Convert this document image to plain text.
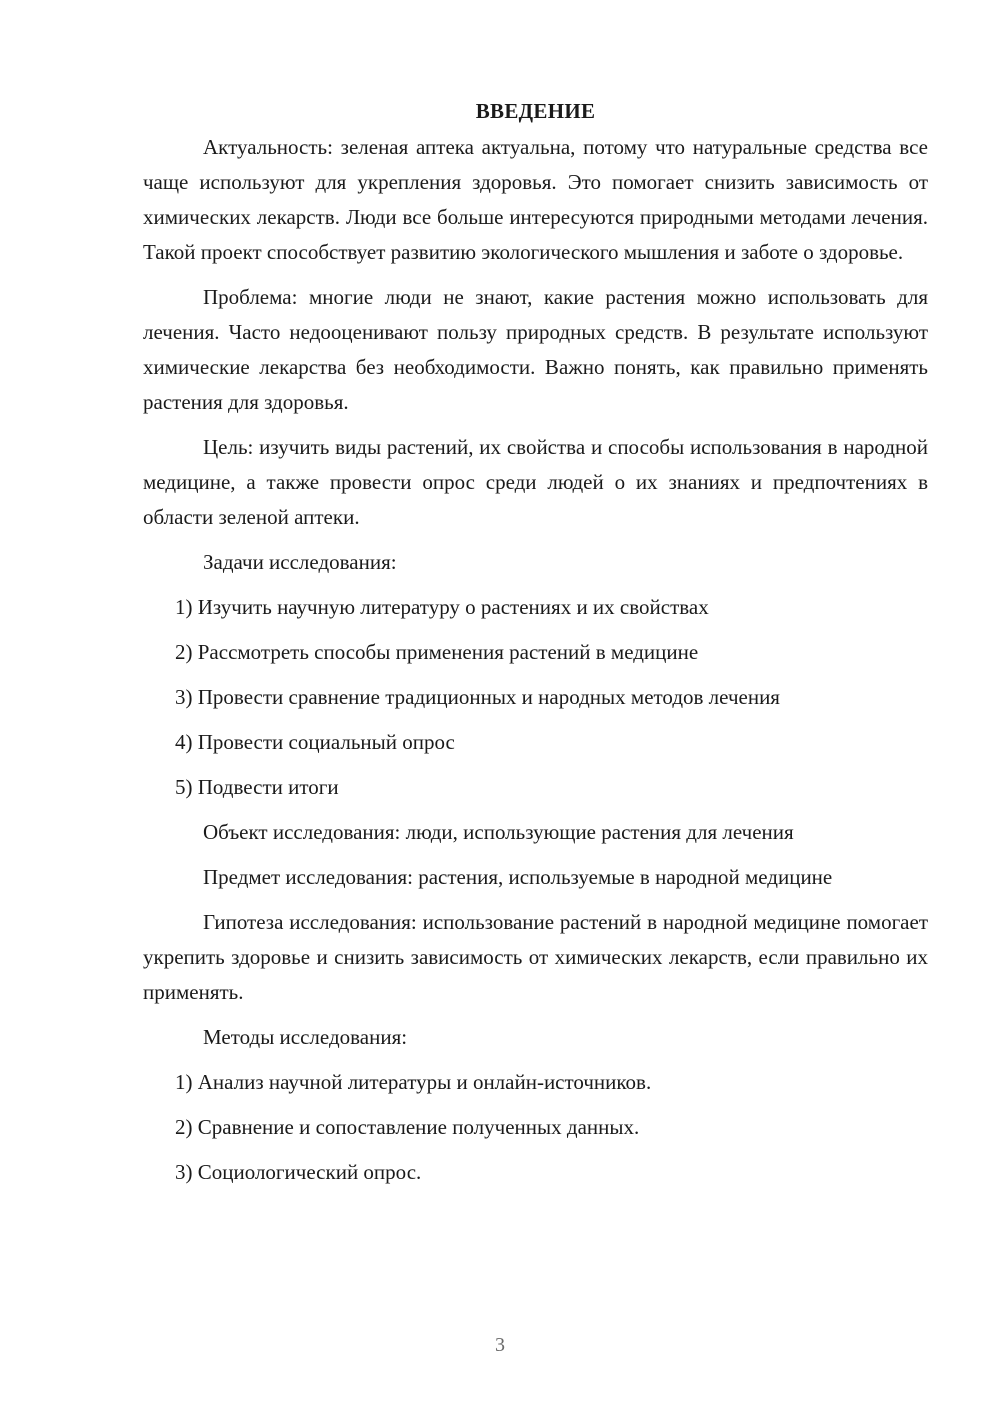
ВВЕДЕНИЕ

Актуальность: зеленая аптека актуальна, потому что натуральные средства все чаще используют для укрепления здоровья. Это помогает снизить зависимость от химических лекарств. Люди все больше интересуются природными методами лечения. Такой проект способствует развитию экологического мышления и заботе о здоровье.

Проблема: многие люди не знают, какие растения можно использовать для лечения. Часто недооценивают пользу природных средств. В результате используют химические лекарства без необходимости. Важно понять, как правильно применять растения для здоровья.

Цель: изучить виды растений, их свойства и способы использования в народной медицине, а также провести опрос среди людей о их знаниях и предпочтениях в области зеленой аптеки.

Задачи исследования:

1) Изучить научную литературу о растениях и их свойствах

2) Рассмотреть способы применения растений в медицине

3) Провести сравнение традиционных и народных методов лечения

4) Провести социальный опрос

5) Подвести итоги

Объект исследования: люди, использующие растения для лечения

Предмет исследования: растения, используемые в народной медицине

Гипотеза исследования: использование растений в народной медицине помогает укрепить здоровье и снизить зависимость от химических лекарств, если правильно их применять.

Методы исследования:

1) Анализ научной литературы и онлайн-источников.

2) Сравнение и сопоставление полученных данных.

3) Социологический опрос.

3
